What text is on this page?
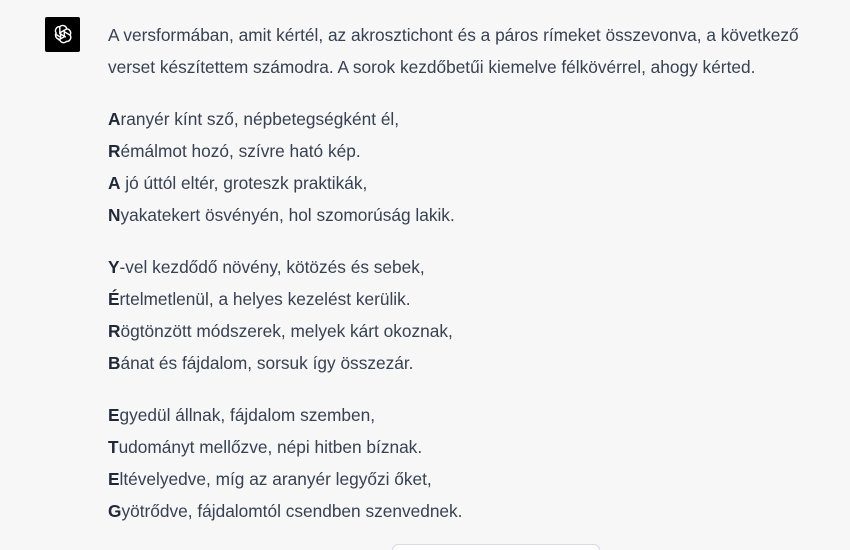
A versformában, amit kértél, az akrosztichont és a páros rímeket összevonva, a következő verset készítettem számodra. A sorok kezdőbetűi kiemelve félkövérrel, ahogy kérted.

Aranyér kínt sző, népbetegségként él,
Rémálmot hozó, szívre ható kép.
A jó úttól eltér, groteszk praktikák,
Nyakatekert ösvényén, hol szomorúság lakik.
Y-vel kezdődő növény, kötözés és sebek,
Értelmetlenül, a helyes kezelést kerülik.
Rögtönzött módszerek, melyek kárt okoznak,
Bánat és fájdalom, sorsuk így összezár.
Egyedül állnak, fájdalom szemben,
Tudományt mellőzve, népi hitben bíznak.
Eltévelyedve, míg az aranyér legyőzi őket,
Gyötrődve, fájdalomtól csendben szenvednek.
